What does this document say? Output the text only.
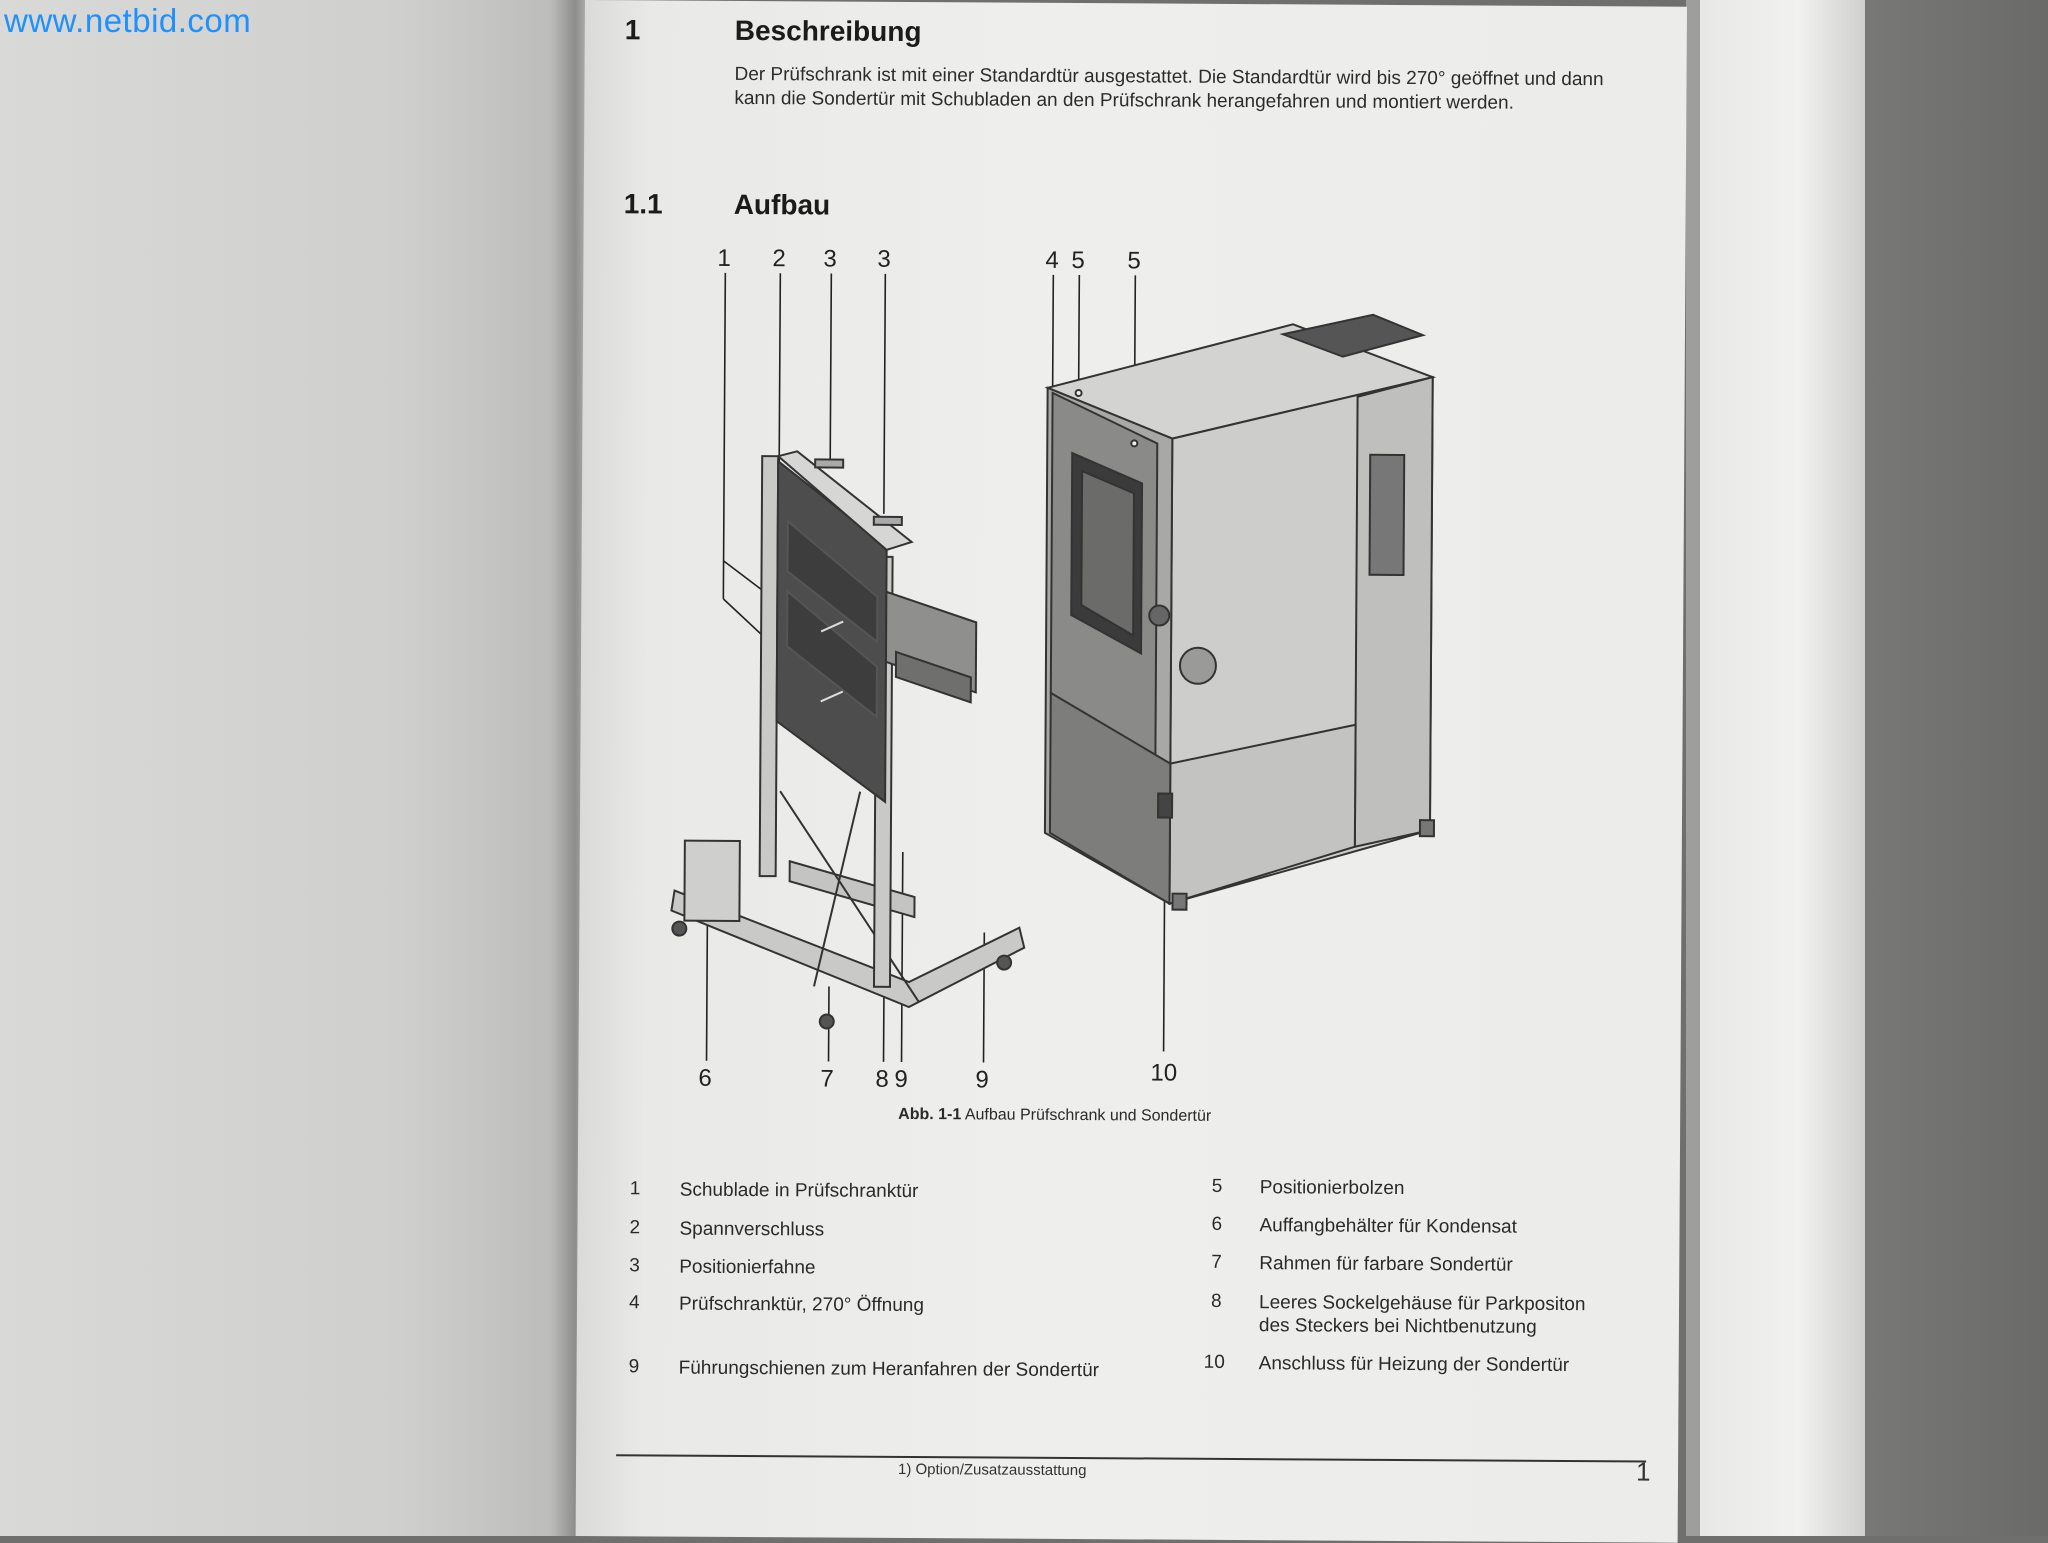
www.netbid.com	1	Beschreibung
Der Prüfschrank ist mit einer Standardtür ausgestattet. Die Standardtür wird bis 270° geöffnet und dann kann die Sondertür mit Schubladen an den Prüfschrank herangefahren und montiert werden.
1.1	Aufbau
1 2 3 3	4 5 5
6	7 8 9	9	10
Abb. 1-1 Aufbau Prüfschrank und Sondertür
1 Schublade in Prüfschranktür
2 Spannverschluss
3 Positionierfahne
4 Prüfschranktür, 270° Öffnung
9 Führungschienen zum Heranfahren der Sondertür
5 Positionierbolzen
6 Auffangbehälter für Kondensat
7 Rahmen für farbare Sondertür
8 Leeres Sockelgehäuse für Parkpositon des Steckers bei Nichtbenutzung
10 Anschluss für Heizung der Sondertür
1) Option/Zusatzausstattung	1
